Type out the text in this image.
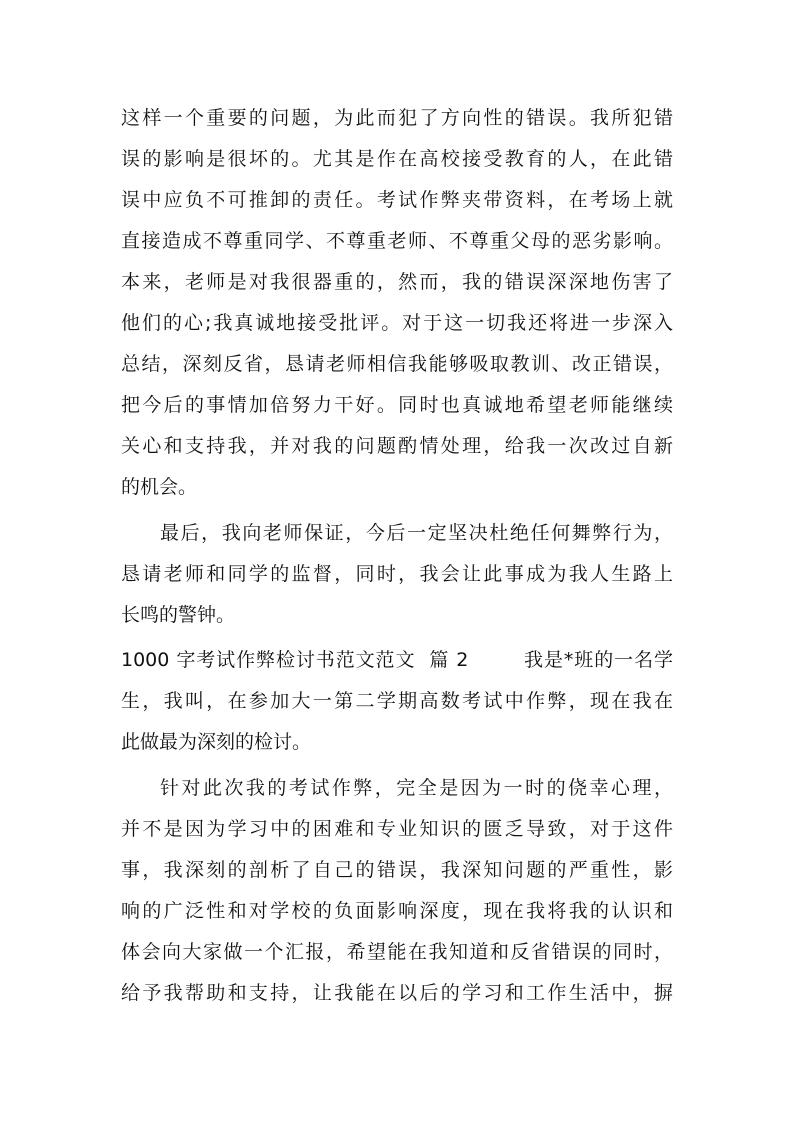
这样一个重要的问题，为此而犯了方向性的错误。我所犯错
误的影响是很坏的。尤其是作在高校接受教育的人，在此错
误中应负不可推卸的责任。考试作弊夹带资料，在考场上就
直接造成不尊重同学、不尊重老师、不尊重父母的恶劣影响。
本来，老师是对我很器重的，然而，我的错误深深地伤害了
他们的心;我真诚地接受批评。对于这一切我还将进一步深入
总结，深刻反省，恳请老师相信我能够吸取教训、改正错误，
把今后的事情加倍努力干好。同时也真诚地希望老师能继续
关心和支持我，并对我的问题酌情处理，给我一次改过自新
的机会。
最后，我向老师保证，今后一定坚决杜绝任何舞弊行为，
恳请老师和同学的监督，同时，我会让此事成为我人生路上
长鸣的警钟。
1000 字考试作弊检讨书范文范文  篇 2        我是*班的一名学
生，我叫，在参加大一第二学期高数考试中作弊，现在我在
此做最为深刻的检讨。
针对此次我的考试作弊，完全是因为一时的侥幸心理，
并不是因为学习中的困难和专业知识的匮乏导致，对于这件
事，我深刻的剖析了自己的错误，我深知问题的严重性，影
响的广泛性和对学校的负面影响深度，现在我将我的认识和
体会向大家做一个汇报，希望能在我知道和反省错误的同时，
给予我帮助和支持，让我能在以后的学习和工作生活中，摒
